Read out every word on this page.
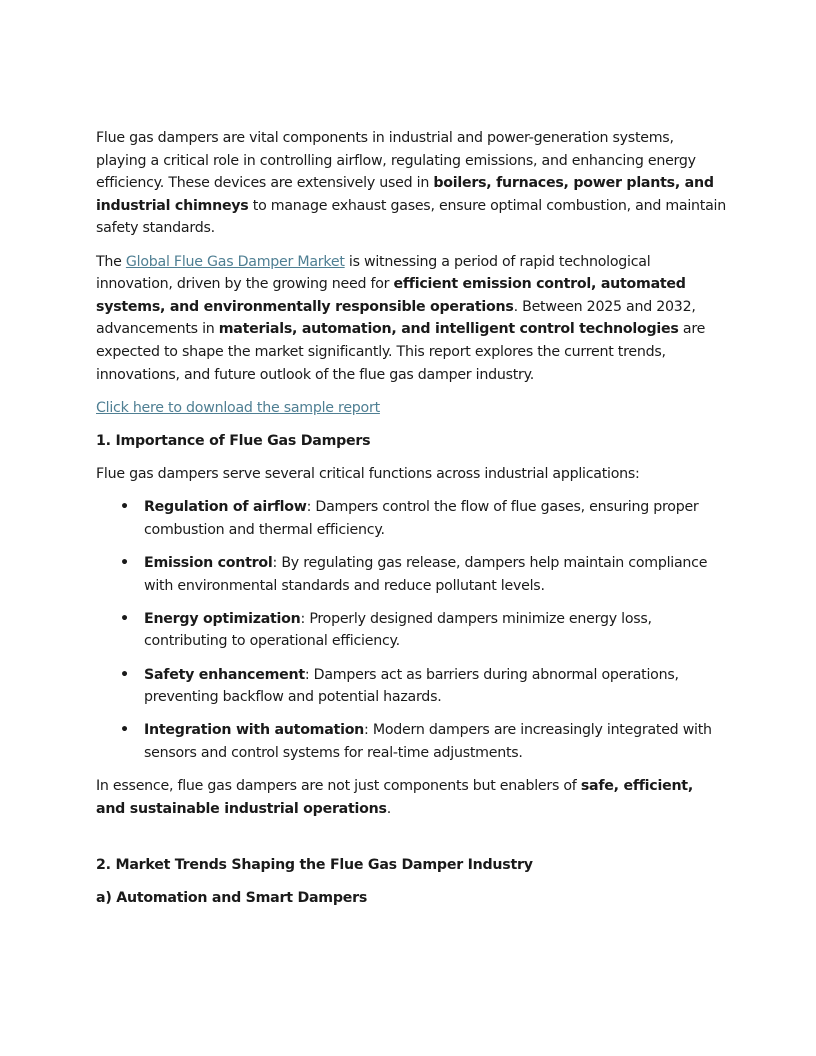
Flue gas dampers are vital components in industrial and power-generation systems, playing a critical role in controlling airflow, regulating emissions, and enhancing energy efficiency. These devices are extensively used in boilers, furnaces, power plants, and industrial chimneys to manage exhaust gases, ensure optimal combustion, and maintain safety standards.

The Global Flue Gas Damper Market is witnessing a period of rapid technological innovation, driven by the growing need for efficient emission control, automated systems, and environmentally responsible operations. Between 2025 and 2032, advancements in materials, automation, and intelligent control technologies are expected to shape the market significantly. This report explores the current trends, innovations, and future outlook of the flue gas damper industry.

Click here to download the sample report

1. Importance of Flue Gas Dampers

Flue gas dampers serve several critical functions across industrial applications:

• Regulation of airflow: Dampers control the flow of flue gases, ensuring proper combustion and thermal efficiency.
• Emission control: By regulating gas release, dampers help maintain compliance with environmental standards and reduce pollutant levels.
• Energy optimization: Properly designed dampers minimize energy loss, contributing to operational efficiency.
• Safety enhancement: Dampers act as barriers during abnormal operations, preventing backflow and potential hazards.
• Integration with automation: Modern dampers are increasingly integrated with sensors and control systems for real-time adjustments.

In essence, flue gas dampers are not just components but enablers of safe, efficient, and sustainable industrial operations.

2. Market Trends Shaping the Flue Gas Damper Industry

a) Automation and Smart Dampers
